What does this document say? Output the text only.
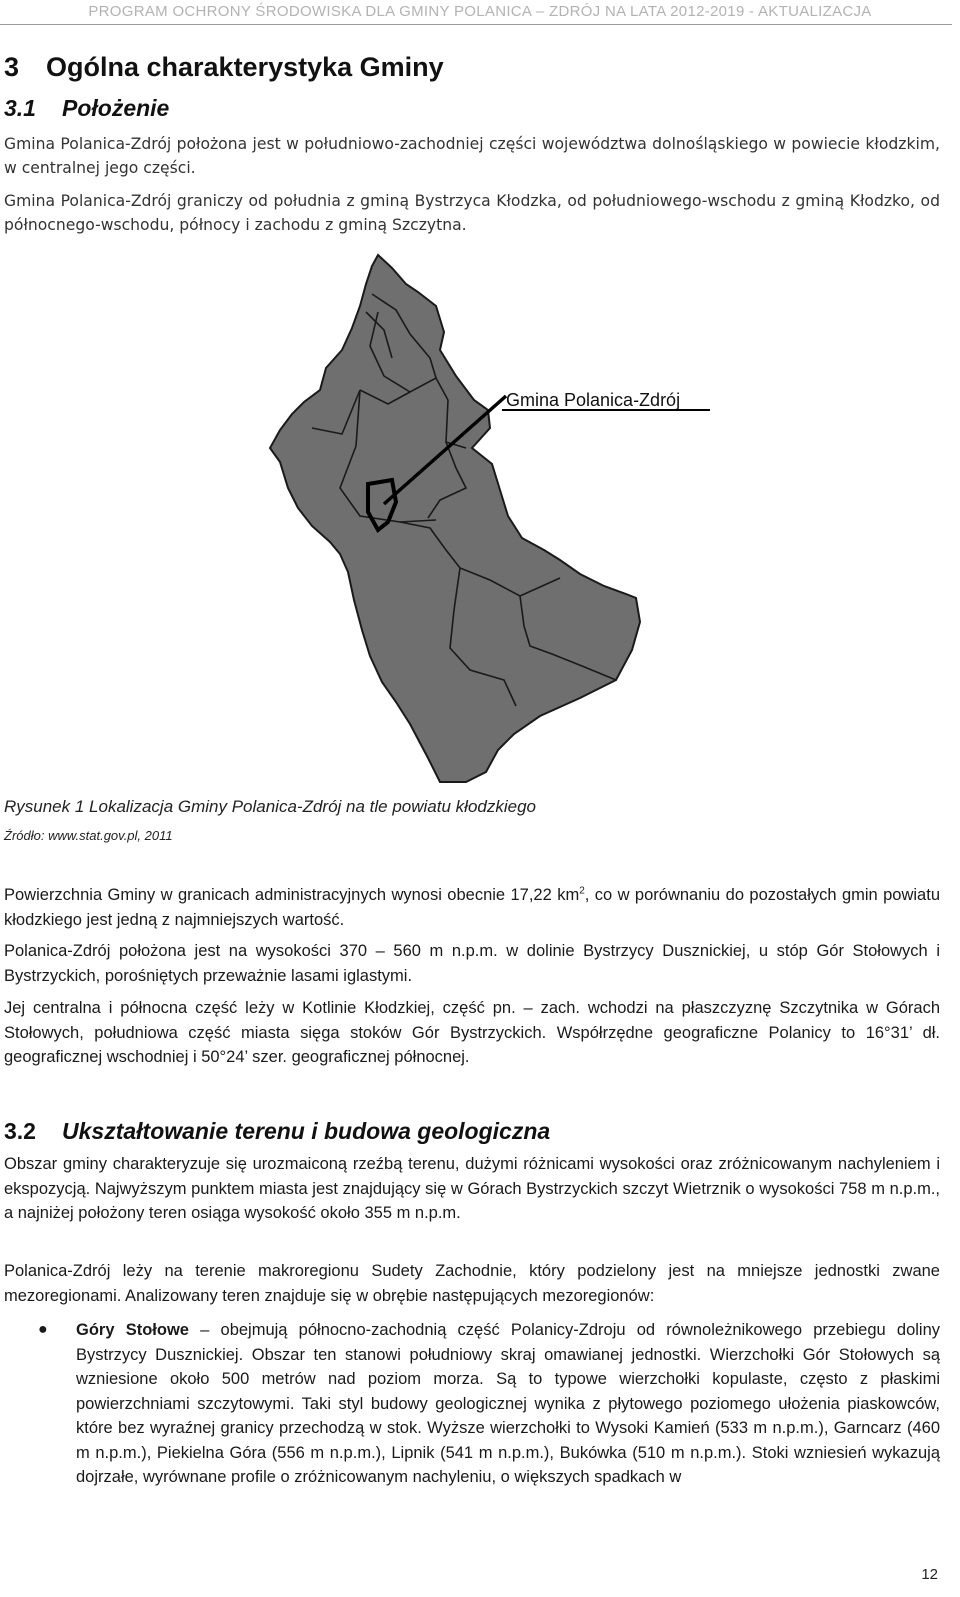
PROGRAM OCHRONY ŚRODOWISKA DLA GMINY POLANICA – ZDRÓJ NA LATA 2012-2019 - AKTUALIZACJA
3 Ogólna charakterystyka Gminy
3.1 Położenie

Gmina Polanica-Zdrój położona jest w południowo-zachodniej części województwa dolnośląskiego w powiecie kłodzkim, w centralnej jego części.

Gmina Polanica-Zdrój graniczy od południa z gminą Bystrzyca Kłodzka, od południowego-wschodu z gminą Kłodzko, od północnego-wschodu, północy i zachodu z gminą Szczytna.

Gmina Polanica-Zdrój
Rysunek 1 Lokalizacja Gminy Polanica-Zdrój na tle powiatu kłodzkiego
Źródło: www.stat.gov.pl, 2011

Powierzchnia Gminy w granicach administracyjnych wynosi obecnie 17,22 $km^2$, co w porównaniu do pozostałych gmin powiatu kłodzkiego jest jedną z najmniejszych wartość.

Polanica-Zdrój położona jest na wysokości 370 – 560 m n.p.m. w dolinie Bystrzycy Dusznickiej, u stóp Gór Stołowych i Bystrzyckich, porośniętych przeważnie lasami iglastymi.

Jej centralna i północna część leży w Kotlinie Kłodzkiej, część pn. – zach. wchodzi na płaszczyznę Szczytnika w Górach Stołowych, południowa część miasta sięga stoków Gór Bystrzyckich. Współrzędne geograficzne Polanicy to 16°31’ dł. geograficznej wschodniej i 50°24’ szer. geograficznej północnej.

3.2 Ukształtowanie terenu i budowa geologiczna

Obszar gminy charakteryzuje się urozmaiconą rzeźbą terenu, dużymi różnicami wysokości oraz zróżnicowanym nachyleniem i ekspozycją. Najwyższym punktem miasta jest znajdujący się w Górach Bystrzyckich szczyt Wietrznik o wysokości 758 m n.p.m., a najniżej położony teren osiąga wysokość około 355 m n.p.m.

Polanica-Zdrój leży na terenie makroregionu Sudety Zachodnie, który podzielony jest na mniejsze jednostki zwane mezoregionami. Analizowany teren znajduje się w obrębie następujących mezoregionów:

● Góry Stołowe – obejmują północno-zachodnią część Polanicy-Zdroju od równoleżnikowego przebiegu doliny Bystrzycy Dusznickiej. Obszar ten stanowi południowy skraj omawianej jednostki. Wierzchołki Gór Stołowych są wzniesione około 500 metrów nad poziom morza. Są to typowe wierzchołki kopulaste, często z płaskimi powierzchniami szczytowymi. Taki styl budowy geologicznej wynika z płytowego poziomego ułożenia piaskowców, które bez wyraźnej granicy przechodzą w stok. Wyższe wierzchołki to Wysoki Kamień (533 m n.p.m.), Garncarz (460 m n.p.m.), Piekielna Góra (556 m n.p.m.), Lipnik (541 m n.p.m.), Bukówka (510 m n.p.m.). Stoki wzniesień wykazują dojrzałe, wyrównane profile o zróżnicowanym nachyleniu, o większych spadkach w
12
